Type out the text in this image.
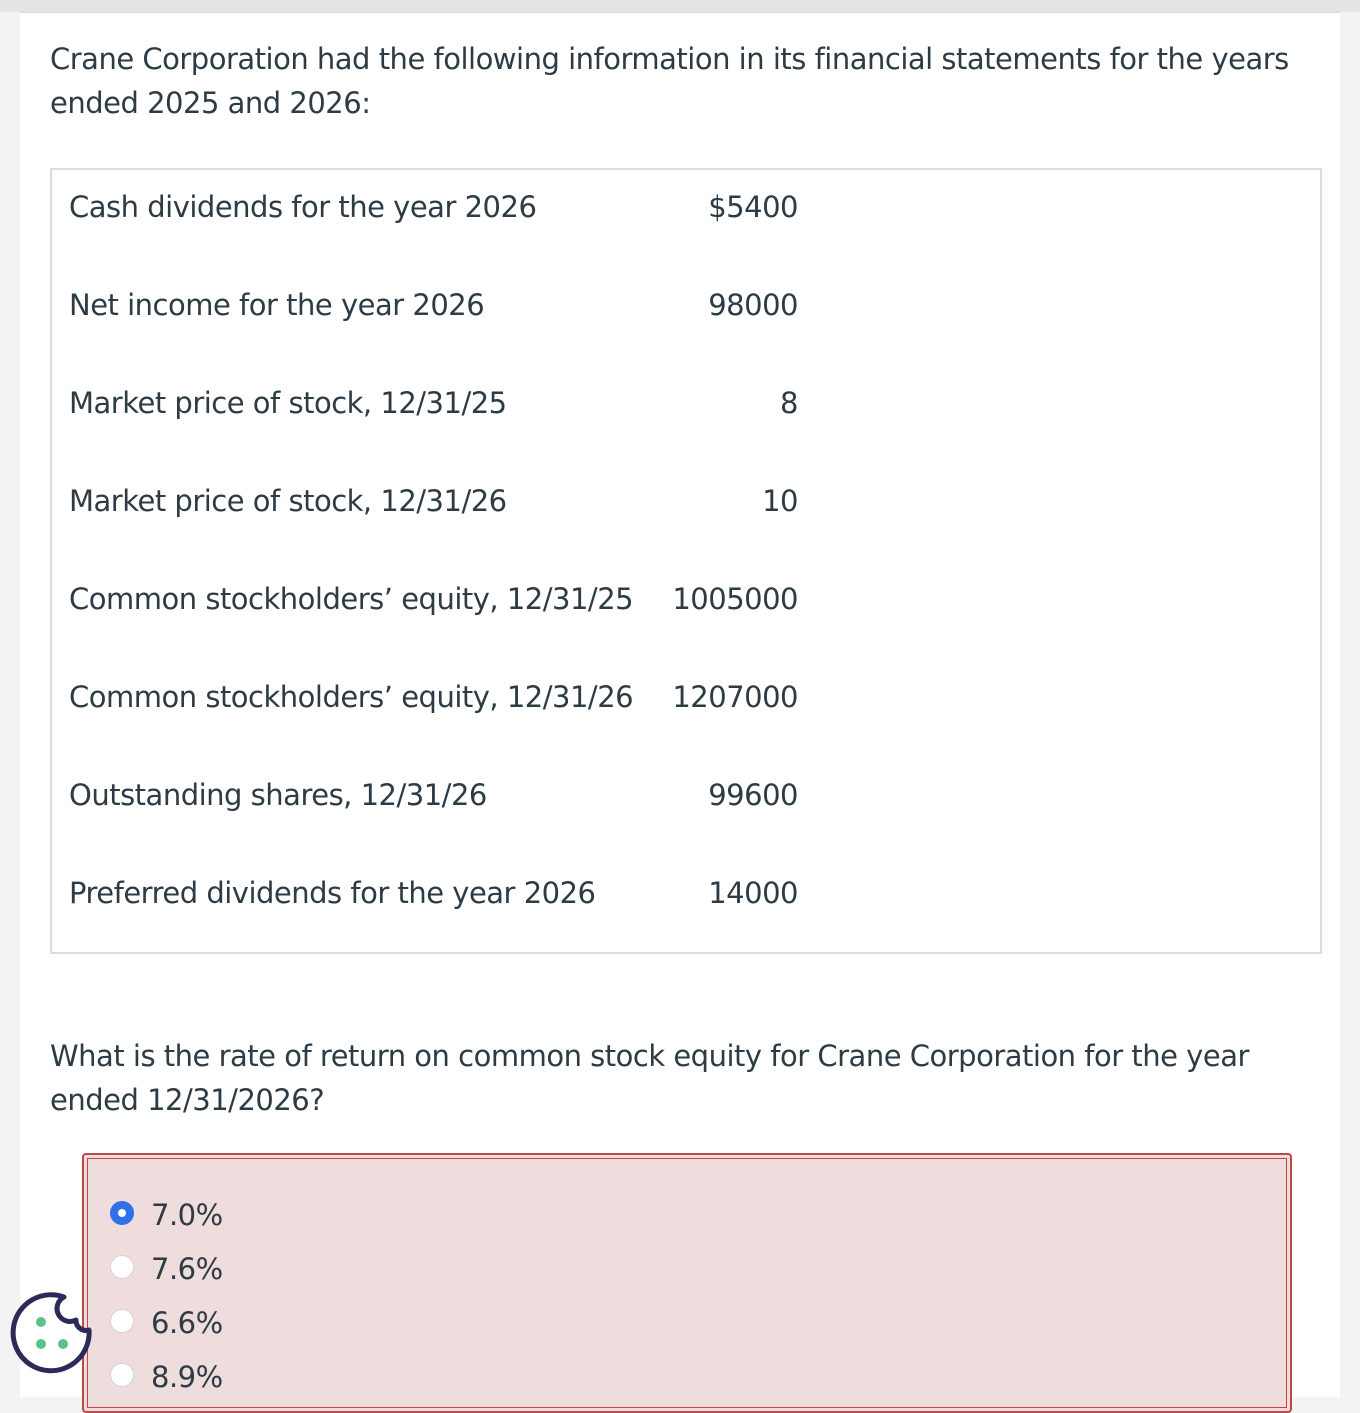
Crane Corporation had the following information in its financial statements for the years ended 2025 and 2026:

Cash dividends for the year 2026	$5400
Net income for the year 2026	98000
Market price of stock, 12/31/25	8
Market price of stock, 12/31/26	10
Common stockholders’ equity, 12/31/25	1005000
Common stockholders’ equity, 12/31/26	1207000
Outstanding shares, 12/31/26	99600
Preferred dividends for the year 2026	14000

What is the rate of return on common stock equity for Crane Corporation for the year ended 12/31/2026?

7.0%
7.6%
6.6%
8.9%
